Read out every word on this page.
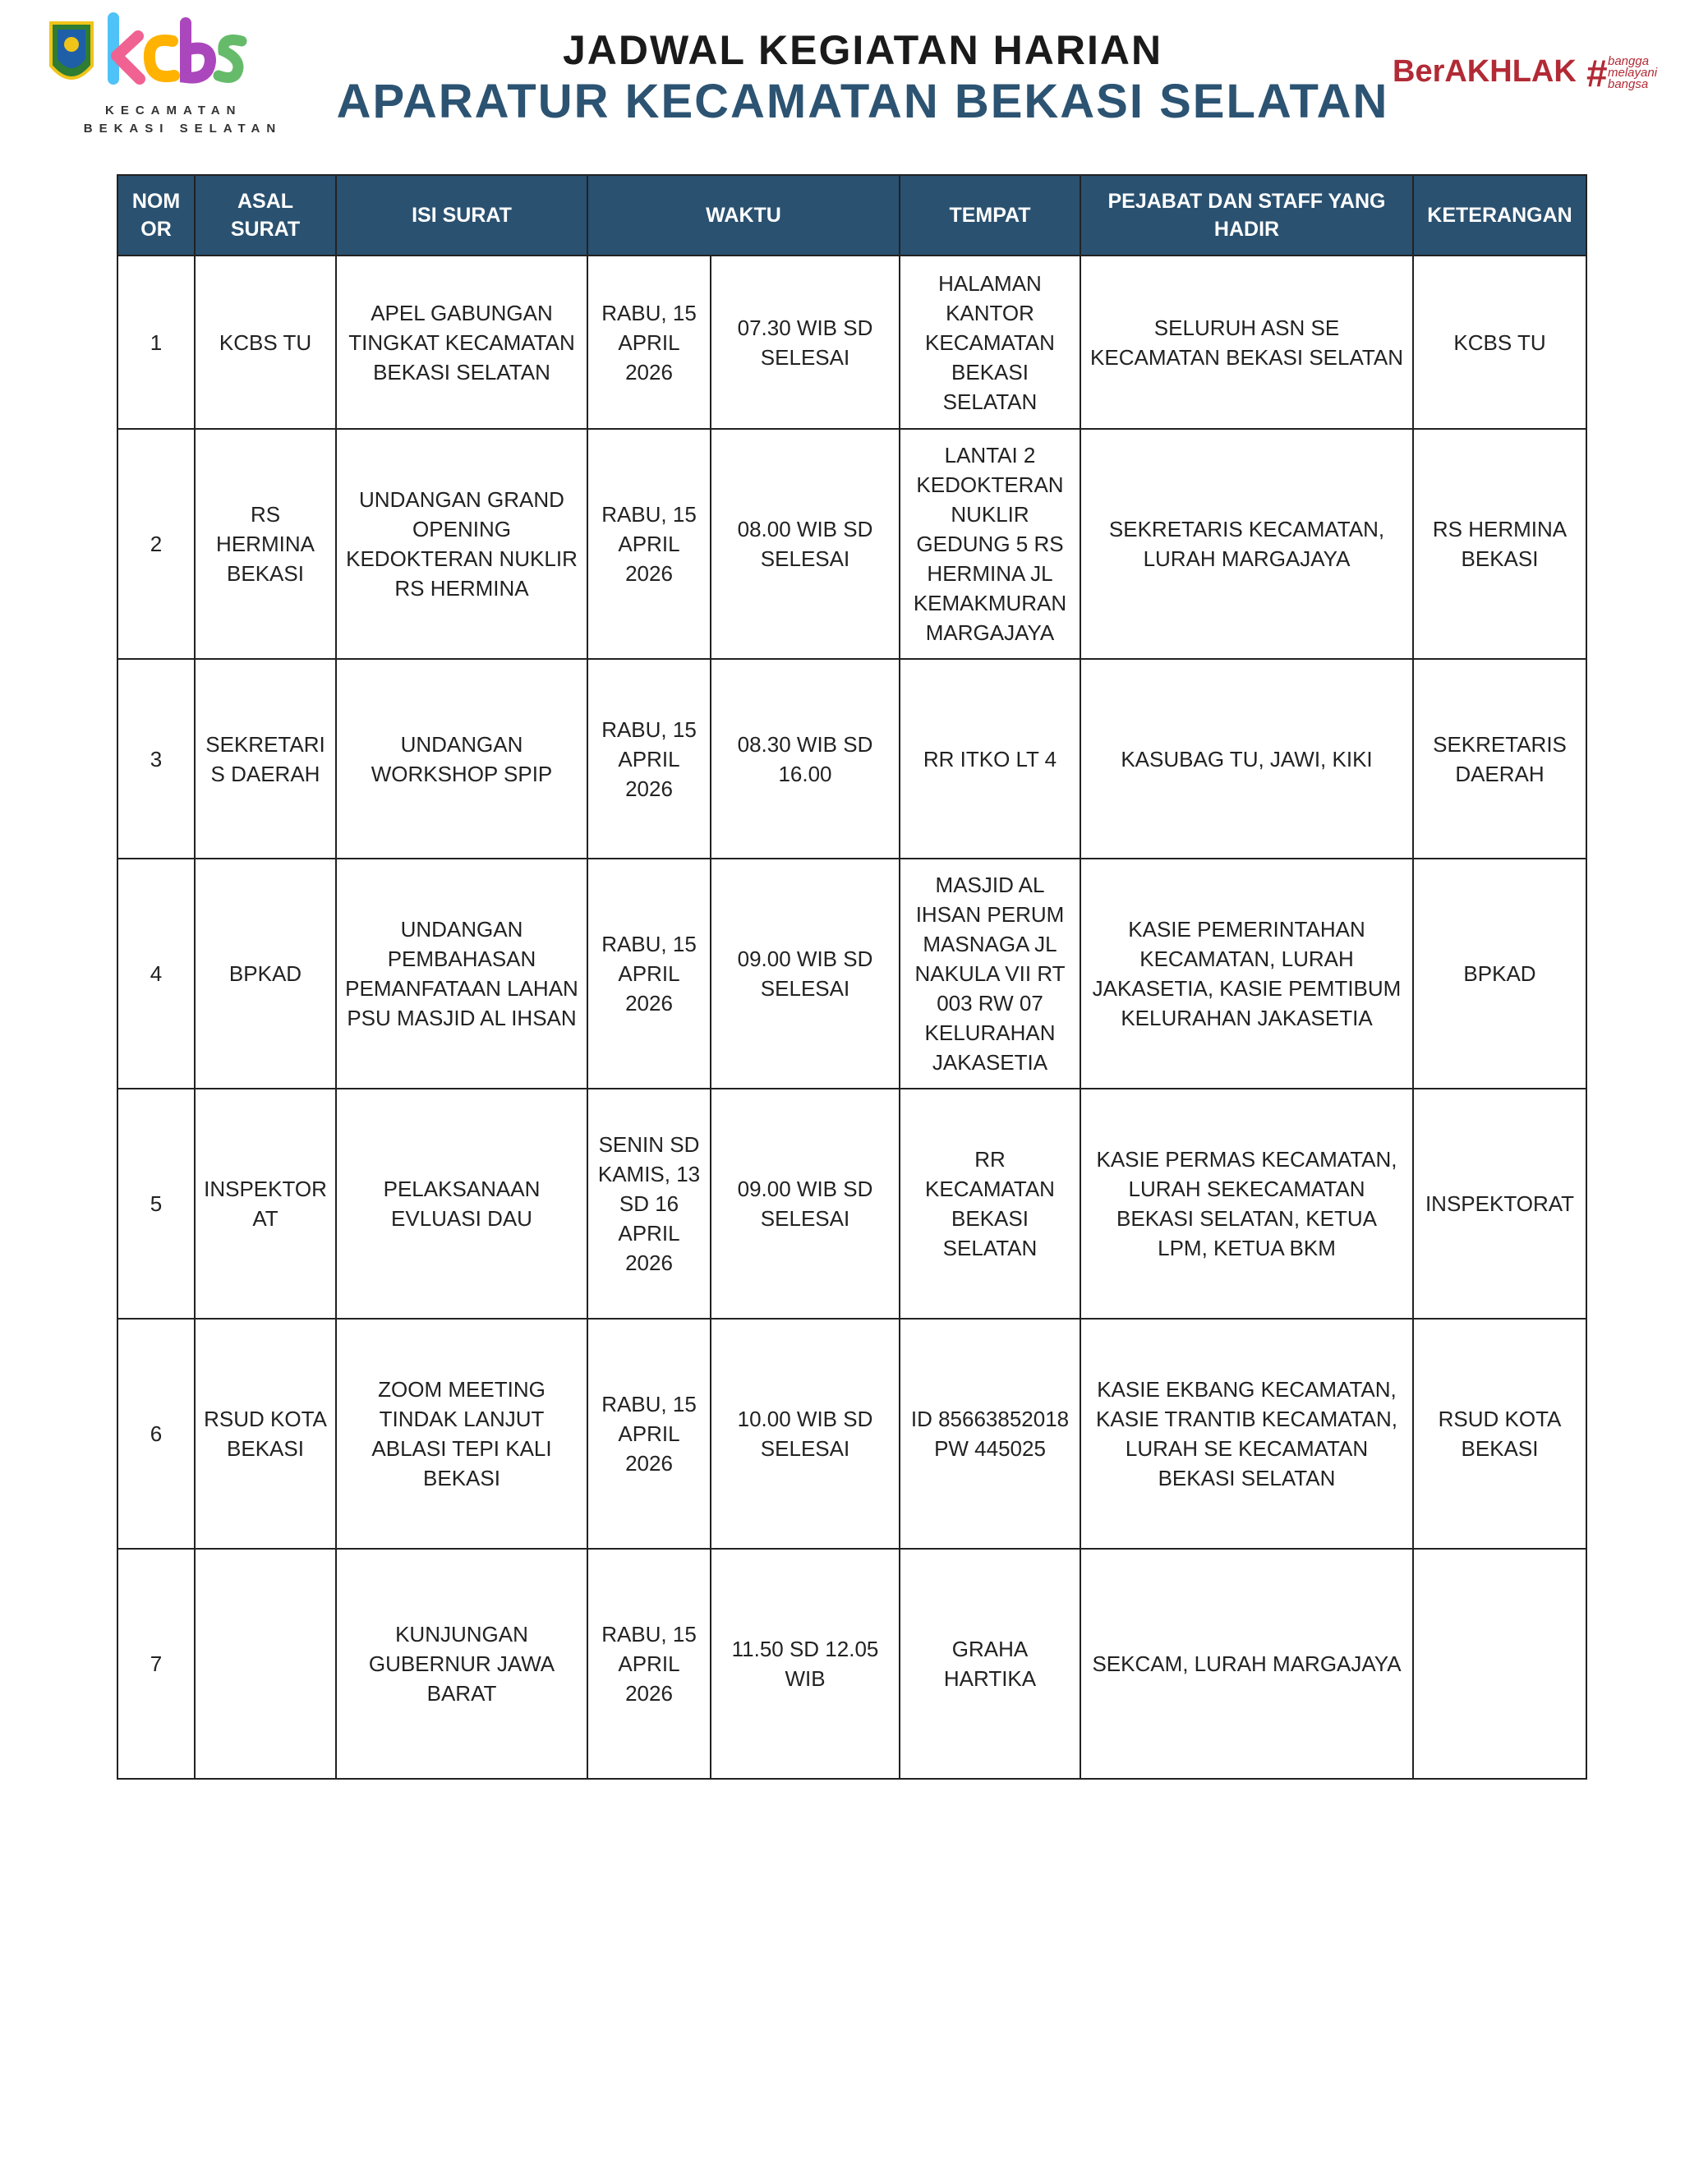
KECAMATAN
BEKASI SELATAN
JADWAL KEGIATAN HARIAN
APARATUR KECAMATAN BEKASI SELATAN
BerAKHLAK # bangga
melayani
bangsa
NOMOR	ASAL SURAT	ISI SURAT	WAKTU		TEMPAT	PEJABAT DAN STAFF YANG HADIR	KETERANGAN
1	KCBS TU	APEL GABUNGAN TINGKAT KECAMATAN BEKASI SELATAN	RABU, 15 APRIL 2026	07.30 WIB SD SELESAI	HALAMAN KANTOR KECAMATAN BEKASI SELATAN	SELURUH ASN SE KECAMATAN BEKASI SELATAN	KCBS TU
2	RS HERMINA BEKASI	UNDANGAN GRAND OPENING KEDOKTERAN NUKLIR RS HERMINA	RABU, 15 APRIL 2026	08.00 WIB SD SELESAI	LANTAI 2 KEDOKTERAN NUKLIR GEDUNG 5 RS HERMINA JL KEMAKMURAN MARGAJAYA	SEKRETARIS KECAMATAN, LURAH MARGAJAYA	RS HERMINA BEKASI
3	SEKRETARIS DAERAH	UNDANGAN WORKSHOP SPIP	RABU, 15 APRIL 2026	08.30 WIB SD 16.00	RR ITKO LT 4	KASUBAG TU, JAWI, KIKI	SEKRETARIS DAERAH
4	BPKAD	UNDANGAN PEMBAHASAN PEMANFATAAN LAHAN PSU MASJID AL IHSAN	RABU, 15 APRIL 2026	09.00 WIB SD SELESAI	MASJID AL IHSAN PERUM MASNAGA JL NAKULA VII RT 003 RW 07 KELURAHAN JAKASETIA	KASIE PEMERINTAHAN KECAMATAN, LURAH JAKASETIA, KASIE PEMTIBUM KELURAHAN JAKASETIA	BPKAD
5	INSPEKTORAT	PELAKSANAAN EVLUASI DAU	SENIN SD KAMIS, 13 SD 16 APRIL 2026	09.00 WIB SD SELESAI	RR KECAMATAN BEKASI SELATAN	KASIE PERMAS KECAMATAN, LURAH SEKECAMATAN BEKASI SELATAN, KETUA LPM, KETUA BKM	INSPEKTORAT
6	RSUD KOTA BEKASI	ZOOM MEETING TINDAK LANJUT ABLASI TEPI KALI BEKASI	RABU, 15 APRIL 2026	10.00 WIB SD SELESAI	ID 85663852018 PW 445025	KASIE EKBANG KECAMATAN, KASIE TRANTIB KECAMATAN, LURAH SE KECAMATAN BEKASI SELATAN	RSUD KOTA BEKASI
7		KUNJUNGAN GUBERNUR JAWA BARAT	RABU, 15 APRIL 2026	11.50 SD 12.05 WIB	GRAHA HARTIKA	SEKCAM, LURAH MARGAJAYA	
